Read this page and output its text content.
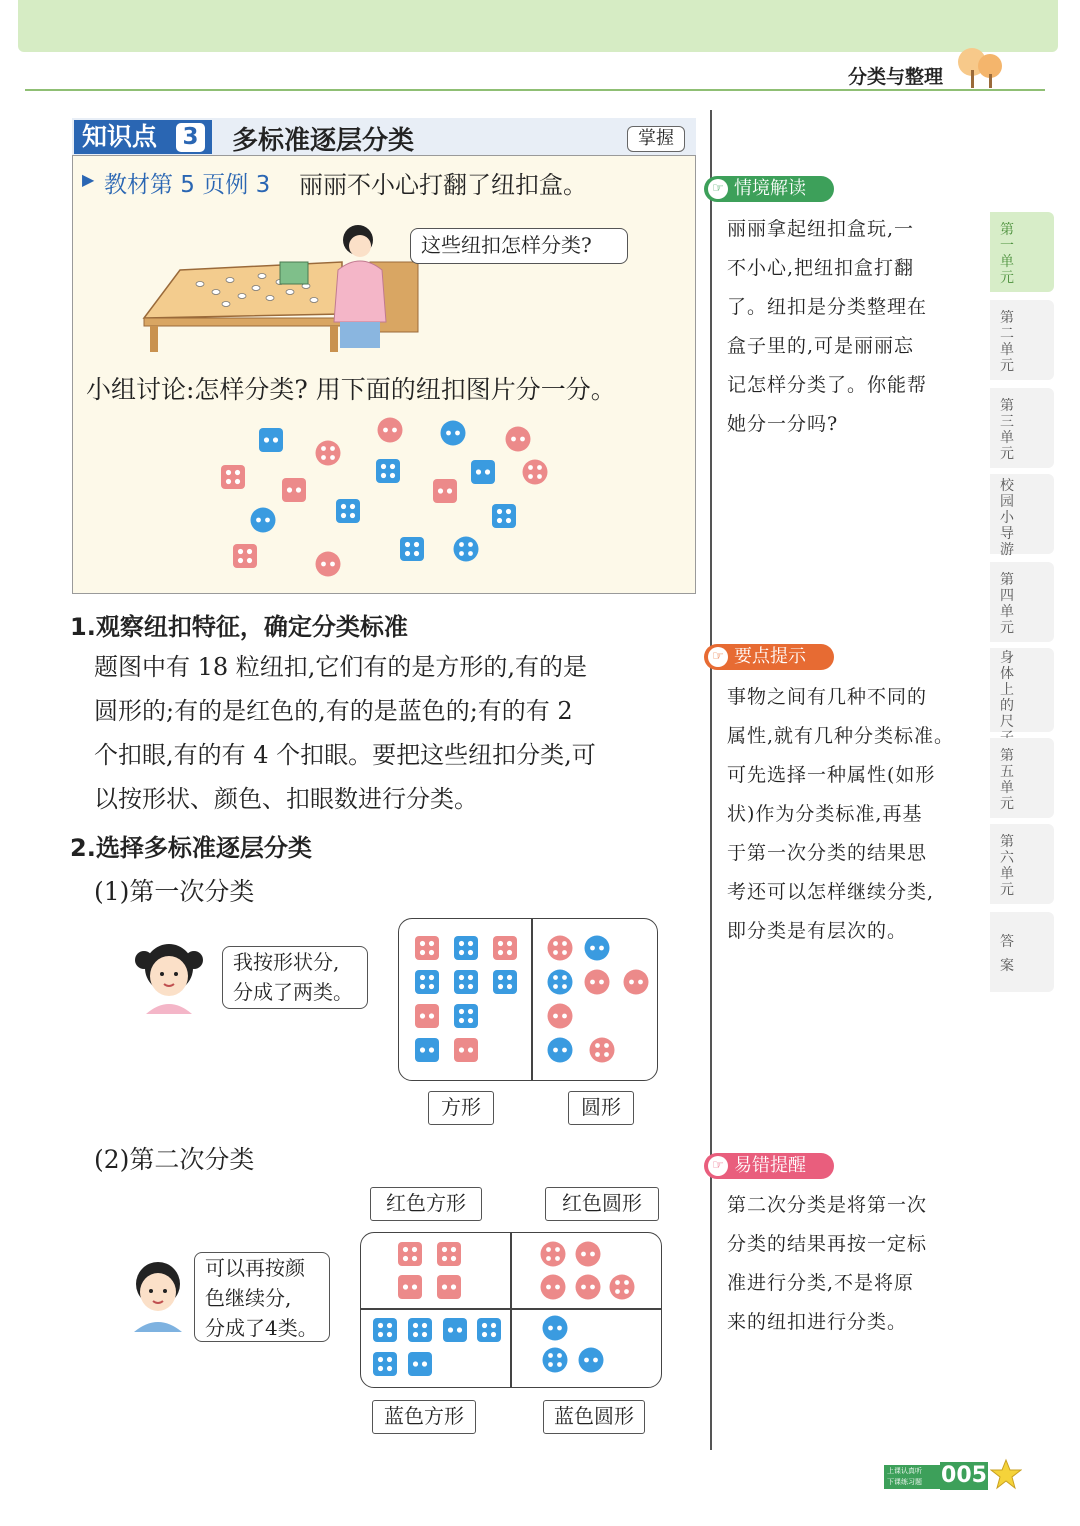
分类与整理
知识点	3 多标准逐层分类	掌握
▶ 教材第 5 页例 3 丽丽不小心打翻了纽扣盒。
这些纽扣怎样分类?
小组讨论:怎样分类? 用下面的纽扣图片分一分。
1.观察纽扣特征，确定分类标准
题图中有 18 粒纽扣,它们有的是方形的,有的是
圆形的;有的是红色的,有的是蓝色的;有的有 2
个扣眼,有的有 4 个扣眼。要把这些纽扣分类,可
以按形状、颜色、扣眼数进行分类。
2.选择多标准逐层分类
(1)第一次分类
我按形状分,
分成了两类。
方形	圆形
(2)第二次分类
红色方形	红色圆形
可以再按颜
色继续分,
分成了4类。
蓝色方形	蓝色圆形
☞ 情境解读
丽丽拿起纽扣盒玩,一
不小心,把纽扣盒打翻
了。纽扣是分类整理在
盒子里的,可是丽丽忘
记怎样分类了。你能帮
她分一分吗?
☞ 要点提示
事物之间有几种不同的
属性,就有几种分类标准。
可先选择一种属性(如形
状)作为分类标准,再基
于第一次分类的结果思
考还可以怎样继续分类,
即分类是有层次的。
☞ 易错提醒
第二次分类是将第一次
分类的结果再按一定标
准进行分类,不是将原
来的纽扣进行分类。
第一单元
第二单元
第三单元
校园小导游
第四单元
身体上的尺
第五单元
第六单元
答案
上课认真听
下课练习题 005
